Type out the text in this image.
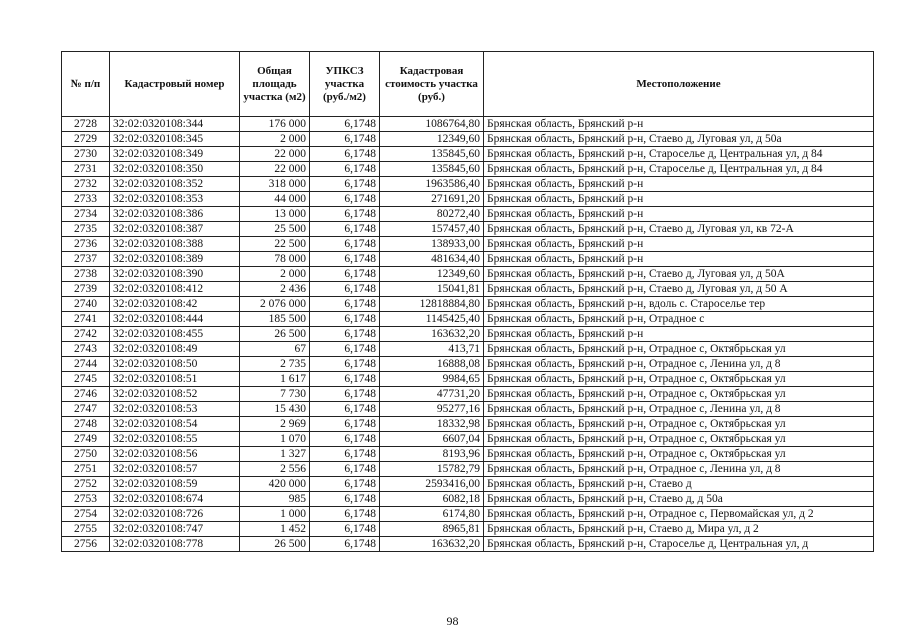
№ п/п	Кадастровый номер	Общая площадь участка (м2)	УПКСЗ участка (руб./м2)	Кадастровая стоимость участка (руб.)	Местоположение
2728	32:02:0320108:344	176 000	6,1748	1086764,80	Брянская область, Брянский р-н
2729	32:02:0320108:345	2 000	6,1748	12349,60	Брянская область, Брянский р-н, Стаево д, Луговая ул, д 50а
2730	32:02:0320108:349	22 000	6,1748	135845,60	Брянская область, Брянский р-н, Староселье д, Центральная ул, д 84
2731	32:02:0320108:350	22 000	6,1748	135845,60	Брянская область, Брянский р-н, Староселье д, Центральная ул, д 84
2732	32:02:0320108:352	318 000	6,1748	1963586,40	Брянская область, Брянский р-н
2733	32:02:0320108:353	44 000	6,1748	271691,20	Брянская область, Брянский р-н
2734	32:02:0320108:386	13 000	6,1748	80272,40	Брянская область, Брянский р-н
2735	32:02:0320108:387	25 500	6,1748	157457,40	Брянская область, Брянский р-н, Стаево д, Луговая ул, кв 72-А
2736	32:02:0320108:388	22 500	6,1748	138933,00	Брянская область, Брянский р-н
2737	32:02:0320108:389	78 000	6,1748	481634,40	Брянская область, Брянский р-н
2738	32:02:0320108:390	2 000	6,1748	12349,60	Брянская область, Брянский р-н, Стаево д, Луговая ул, д 50А
2739	32:02:0320108:412	2 436	6,1748	15041,81	Брянская область, Брянский р-н, Стаево д, Луговая ул, д 50 А
2740	32:02:0320108:42	2 076 000	6,1748	12818884,80	Брянская область, Брянский р-н, вдоль с. Староселье тер
2741	32:02:0320108:444	185 500	6,1748	1145425,40	Брянская область, Брянский р-н, Отрадное с
2742	32:02:0320108:455	26 500	6,1748	163632,20	Брянская область, Брянский р-н
2743	32:02:0320108:49	67	6,1748	413,71	Брянская область, Брянский р-н, Отрадное с, Октябрьская ул
2744	32:02:0320108:50	2 735	6,1748	16888,08	Брянская область, Брянский р-н, Отрадное с, Ленина ул, д 8
2745	32:02:0320108:51	1 617	6,1748	9984,65	Брянская область, Брянский р-н, Отрадное с, Октябрьская ул
2746	32:02:0320108:52	7 730	6,1748	47731,20	Брянская область, Брянский р-н, Отрадное с, Октябрьская ул
2747	32:02:0320108:53	15 430	6,1748	95277,16	Брянская область, Брянский р-н, Отрадное с, Ленина ул, д 8
2748	32:02:0320108:54	2 969	6,1748	18332,98	Брянская область, Брянский р-н, Отрадное с, Октябрьская ул
2749	32:02:0320108:55	1 070	6,1748	6607,04	Брянская область, Брянский р-н, Отрадное с, Октябрьская ул
2750	32:02:0320108:56	1 327	6,1748	8193,96	Брянская область, Брянский р-н, Отрадное с, Октябрьская ул
2751	32:02:0320108:57	2 556	6,1748	15782,79	Брянская область, Брянский р-н, Отрадное с, Ленина ул, д 8
2752	32:02:0320108:59	420 000	6,1748	2593416,00	Брянская область, Брянский р-н, Стаево д
2753	32:02:0320108:674	985	6,1748	6082,18	Брянская область, Брянский р-н, Стаево д, д 50а
2754	32:02:0320108:726	1 000	6,1748	6174,80	Брянская область, Брянский р-н, Отрадное с, Первомайская ул, д 2
2755	32:02:0320108:747	1 452	6,1748	8965,81	Брянская область, Брянский р-н, Стаево д, Мира ул, д 2
2756	32:02:0320108:778	26 500	6,1748	163632,20	Брянская область, Брянский р-н, Староселье д, Центральная ул, д
98
